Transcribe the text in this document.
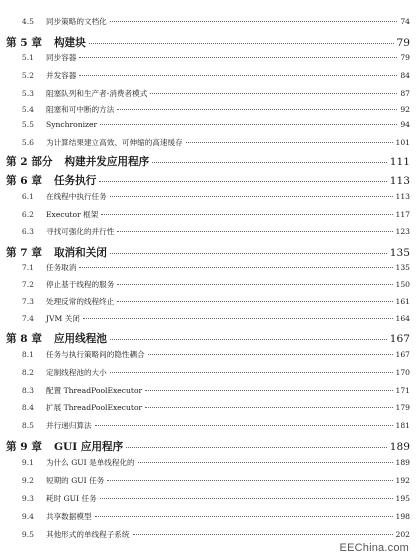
4.5	同步策略的文档化	74
第 5 章	构建块	79
5.1	同步容器	79
5.2	并发容器	84
5.3	阻塞队列和生产者-消费者模式	87
5.4	阻塞和可中断的方法	92
5.5	Synchronizer	94
5.6	为计算结果建立高效、可伸缩的高速缓存	101
第 2 部分	构建并发应用程序	111
第 6 章	任务执行	113
6.1	在线程中执行任务	113
6.2	Executor 框架	117
6.3	寻找可强化的并行性	123
第 7 章	取消和关闭	135
7.1	任务取消	135
7.2	停止基于线程的服务	150
7.3	处理反常的线程终止	161
7.4	JVM 关闭	164
第 8 章	应用线程池	167
8.1	任务与执行策略间的隐性耦合	167
8.2	定制线程池的大小	170
8.3	配置 ThreadPoolExecutor	171
8.4	扩展 ThreadPoolExecutor	179
8.5	并行递归算法	181
第 9 章	GUI 应用程序	189
9.1	为什么 GUI 是单线程化的	189
9.2	短期的 GUI 任务	192
9.3	耗时 GUI 任务	195
9.4	共享数据模型	198
9.5	其他形式的单线程子系统	202
EEChina.com
